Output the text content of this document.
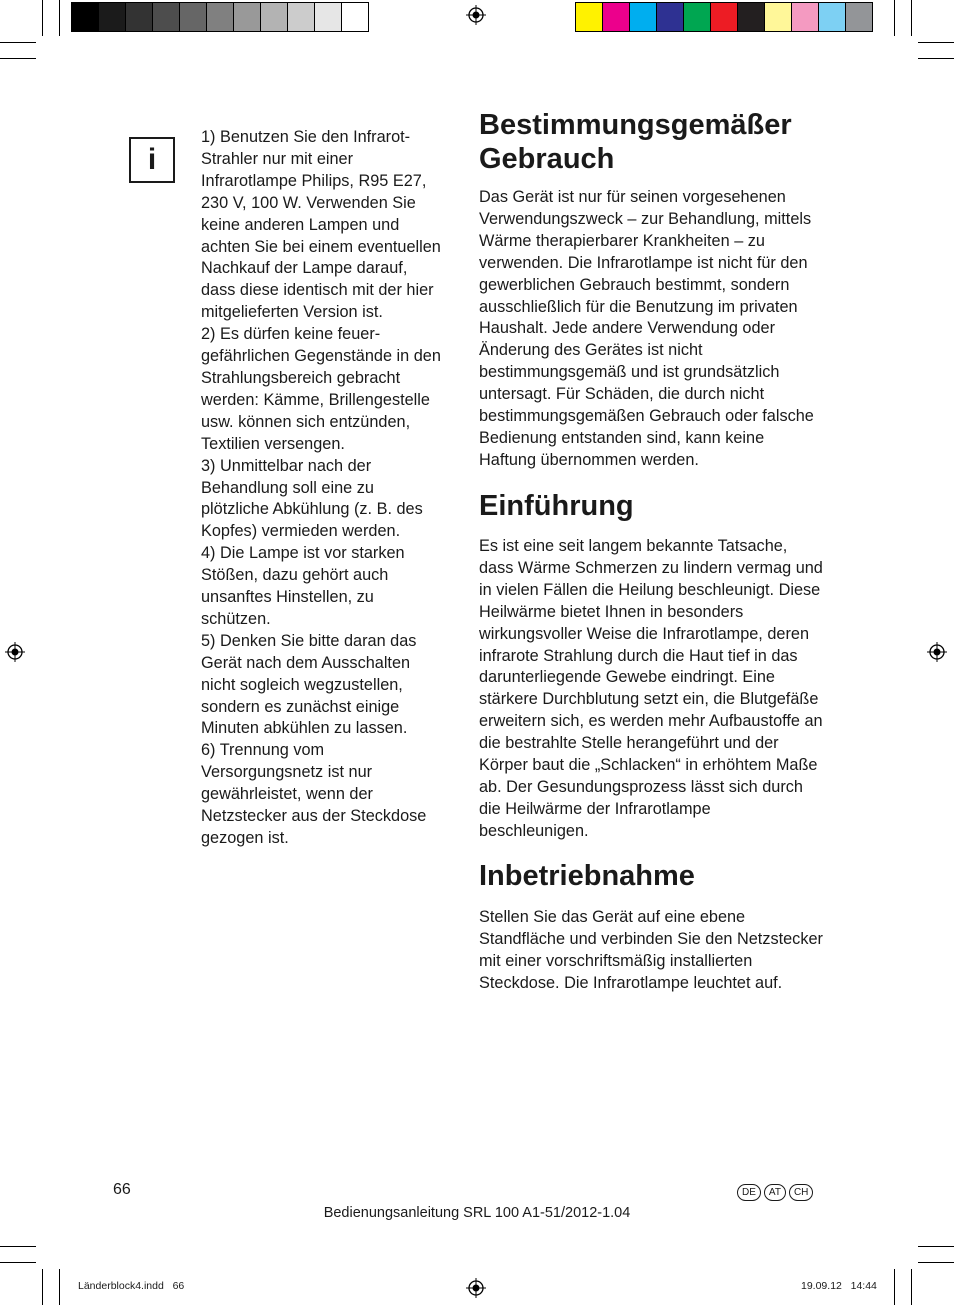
i

1) Benutzen Sie den Infrarot-Strahler nur mit einer Infrarotlampe Philips, R95 E27, 230 V, 100 W. Verwenden Sie keine anderen Lampen und achten Sie bei einem eventuellen Nachkauf der Lampe darauf, dass diese identisch mit der hier mitgelieferten Version ist.

2) Es dürfen keine feuer-gefährlichen Gegenstände in den Strahlungsbereich gebracht werden: Kämme, Brillengestelle usw. können sich entzünden, Textilien versengen.

3) Unmittelbar nach der Behandlung soll eine zu plötzliche Abkühlung (z. B. des Kopfes) vermieden werden.

4) Die Lampe ist vor starken Stößen, dazu gehört auch unsanftes Hinstellen, zu schützen.

5) Denken Sie bitte daran das Gerät nach dem Ausschalten nicht sogleich wegzustellen, sondern es zunächst einige Minuten abkühlen zu lassen.

6) Trennung vom Versorgungsnetz ist nur gewährleistet, wenn der Netzstecker aus der Steckdose gezogen ist.

Bestimmungsgemäßer Gebrauch

Das Gerät ist nur für seinen vorgesehenen Verwendungszweck – zur Behandlung, mittels Wärme therapierbarer Krankheiten – zu verwenden. Die Infrarotlampe ist nicht für den gewerblichen Gebrauch bestimmt, sondern ausschließlich für die Benutzung im privaten Haushalt. Jede andere Verwendung oder Änderung des Gerätes ist nicht bestimmungsgemäß und ist grundsätzlich untersagt. Für Schäden, die durch nicht bestimmungsgemäßen Gebrauch oder falsche Bedienung entstanden sind, kann keine Haftung übernommen werden.

Einführung

Es ist eine seit langem bekannte Tatsache, dass Wärme Schmerzen zu lindern vermag und in vielen Fällen die Heilung beschleunigt. Diese Heilwärme bietet Ihnen in besonders wirkungsvoller Weise die Infrarotlampe, deren infrarote Strahlung durch die Haut tief in das darunterliegende Gewebe eindringt. Eine stärkere Durchblutung setzt ein, die Blutgefäße erweitern sich, es werden mehr Aufbaustoffe an die bestrahlte Stelle herangeführt und der Körper baut die „Schlacken“ in erhöhtem Maße ab. Der Gesundungsprozess lässt sich durch die Heilwärme der Infrarotlampe beschleunigen.

Inbetriebnahme

Stellen Sie das Gerät auf eine ebene Standfläche und verbinden Sie den Netzstecker mit einer vorschriftsmäßig installierten Steckdose. Die Infrarotlampe leuchtet auf.

66	DE	AT	CH
Bedienungsanleitung SRL 100 A1-51/2012-1.04
Länderblock4.indd   66	19.09.12   14:44
